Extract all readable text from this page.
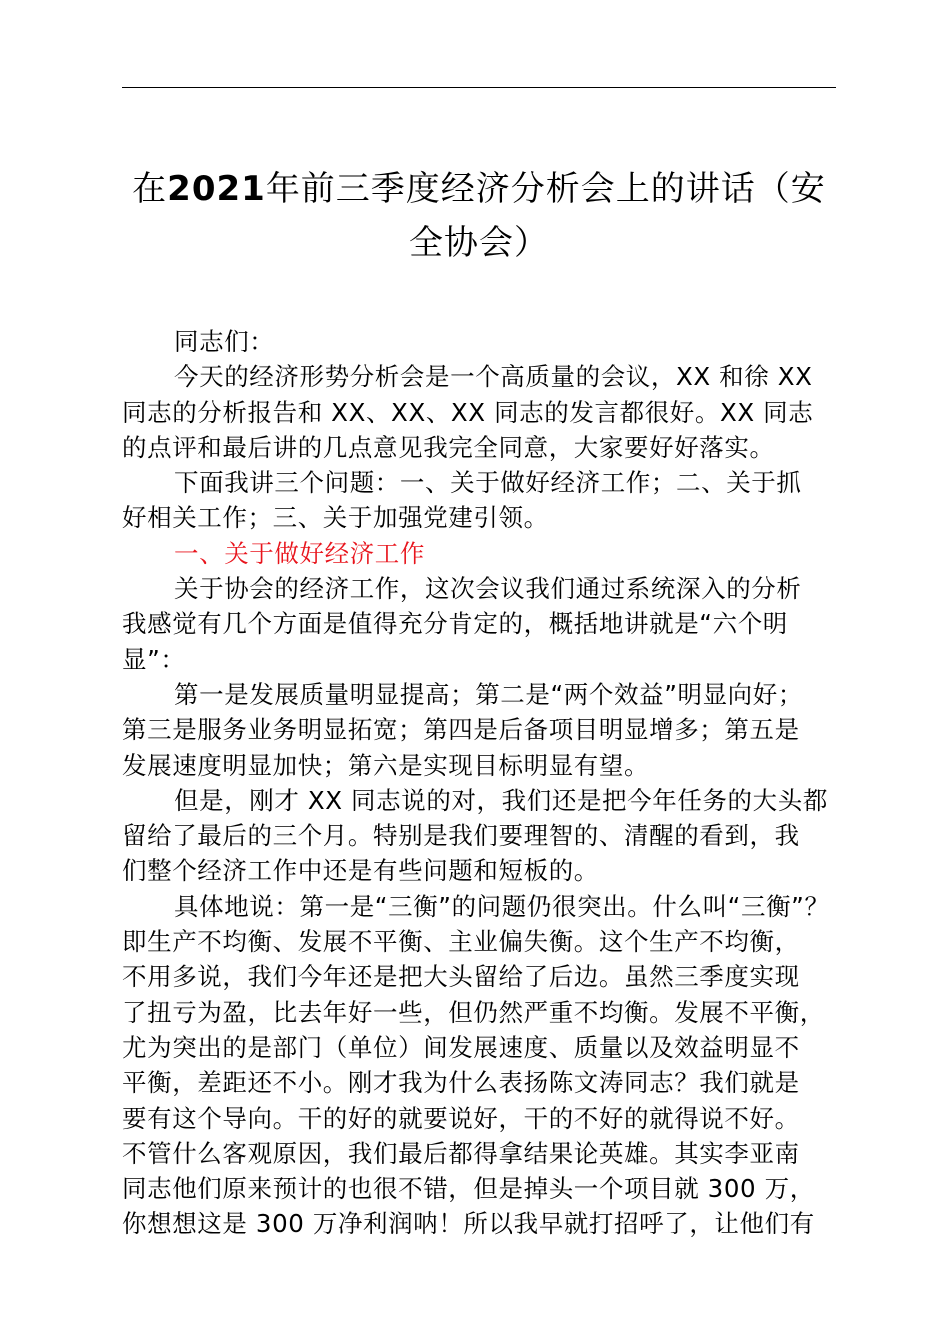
在2021年前三季度经济分析会上的讲话（安
全协会）
同志们：
今天的经济形势分析会是一个高质量的会议，XX 和徐 XX
同志的分析报告和 XX、XX、XX 同志的发言都很好。XX 同志
的点评和最后讲的几点意见我完全同意，大家要好好落实。
下面我讲三个问题：一、关于做好经济工作；二、关于抓
好相关工作；三、关于加强党建引领。
一、关于做好经济工作
关于协会的经济工作，这次会议我们通过系统深入的分析
我感觉有几个方面是值得充分肯定的，概括地讲就是“六个明
显”：
第一是发展质量明显提高；第二是“两个效益”明显向好；
第三是服务业务明显拓宽；第四是后备项目明显增多；第五是
发展速度明显加快；第六是实现目标明显有望。
但是，刚才 XX 同志说的对，我们还是把今年任务的大头都
留给了最后的三个月。特别是我们要理智的、清醒的看到，我
们整个经济工作中还是有些问题和短板的。
具体地说：第一是“三衡”的问题仍很突出。什么叫“三衡”？
即生产不均衡、发展不平衡、主业偏失衡。这个生产不均衡，
不用多说，我们今年还是把大头留给了后边。虽然三季度实现
了扭亏为盈，比去年好一些，但仍然严重不均衡。发展不平衡，
尤为突出的是部门（单位）间发展速度、质量以及效益明显不
平衡，差距还不小。刚才我为什么表扬陈文涛同志？我们就是
要有这个导向。干的好的就要说好，干的不好的就得说不好。
不管什么客观原因，我们最后都得拿结果论英雄。其实李亚南
同志他们原来预计的也很不错，但是掉头一个项目就 300 万，
你想想这是 300 万净利润呐！所以我早就打招呼了，让他们有
